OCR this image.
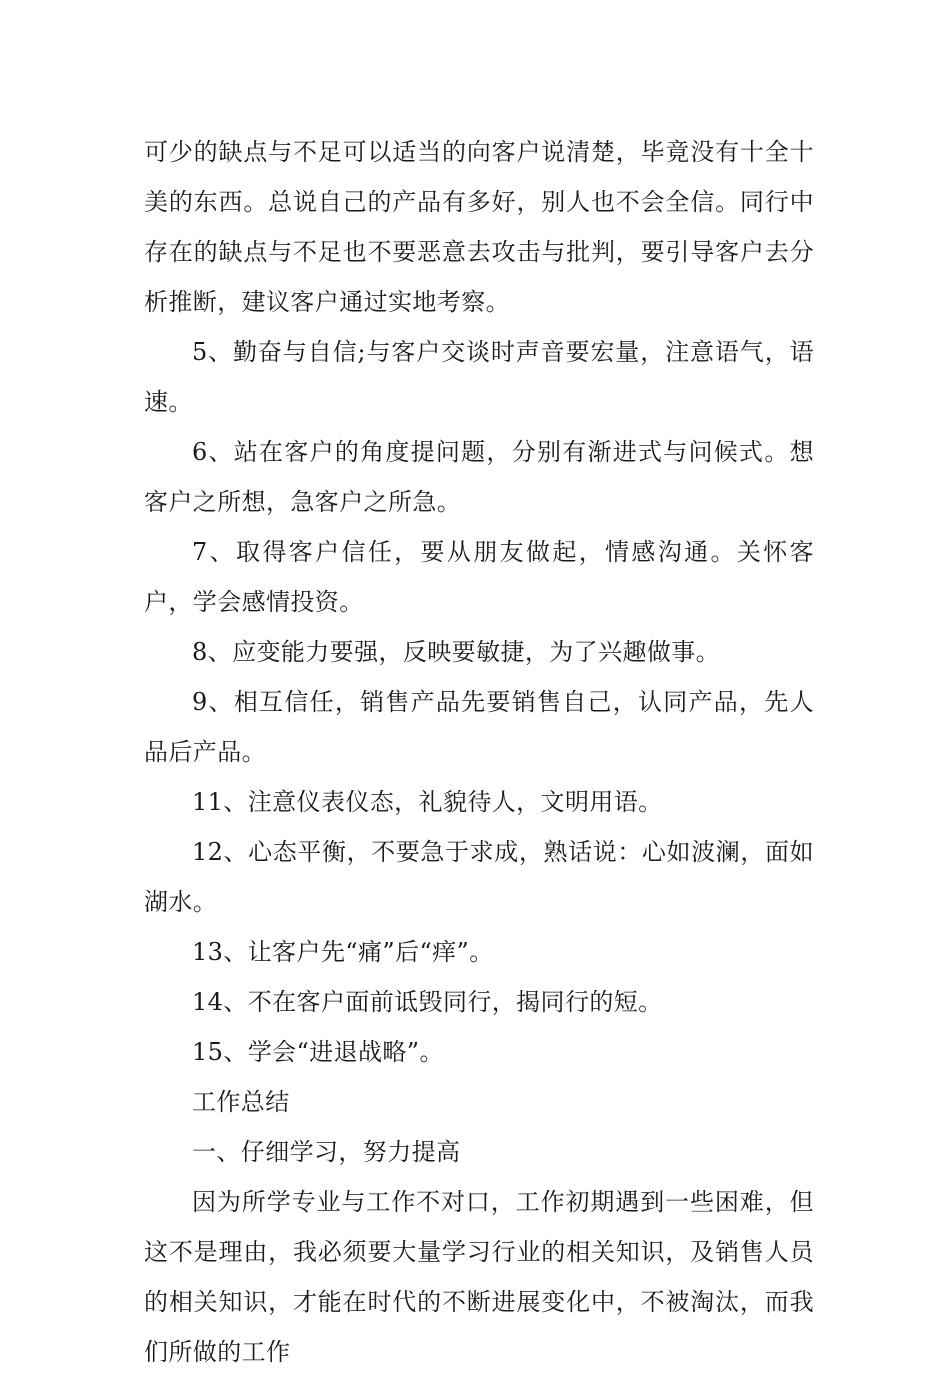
可少的缺点与不足可以适当的向客户说清楚，毕竟没有十全十美的东西。总说自己的产品有多好，别人也不会全信。同行中存在的缺点与不足也不要恶意去攻击与批判，要引导客户去分析推断，建议客户通过实地考察。

5、勤奋与自信;与客户交谈时声音要宏量，注意语气，语速。

6、站在客户的角度提问题，分别有渐进式与问候式。想客户之所想，急客户之所急。

7、取得客户信任，要从朋友做起，情感沟通。关怀客户，学会感情投资。

8、应变能力要强，反映要敏捷，为了兴趣做事。

9、相互信任，销售产品先要销售自己，认同产品，先人品后产品。

11、注意仪表仪态，礼貌待人，文明用语。

12、心态平衡，不要急于求成，熟话说：心如波澜，面如湖水。

13、让客户先“痛”后“痒”。

14、不在客户面前诋毁同行，揭同行的短。

15、学会“进退战略”。

工作总结

一、仔细学习，努力提高

因为所学专业与工作不对口，工作初期遇到一些困难，但这不是理由，我必须要大量学习行业的相关知识，及销售人员的相关知识，才能在时代的不断进展变化中，不被淘汰，而我们所做的工作
